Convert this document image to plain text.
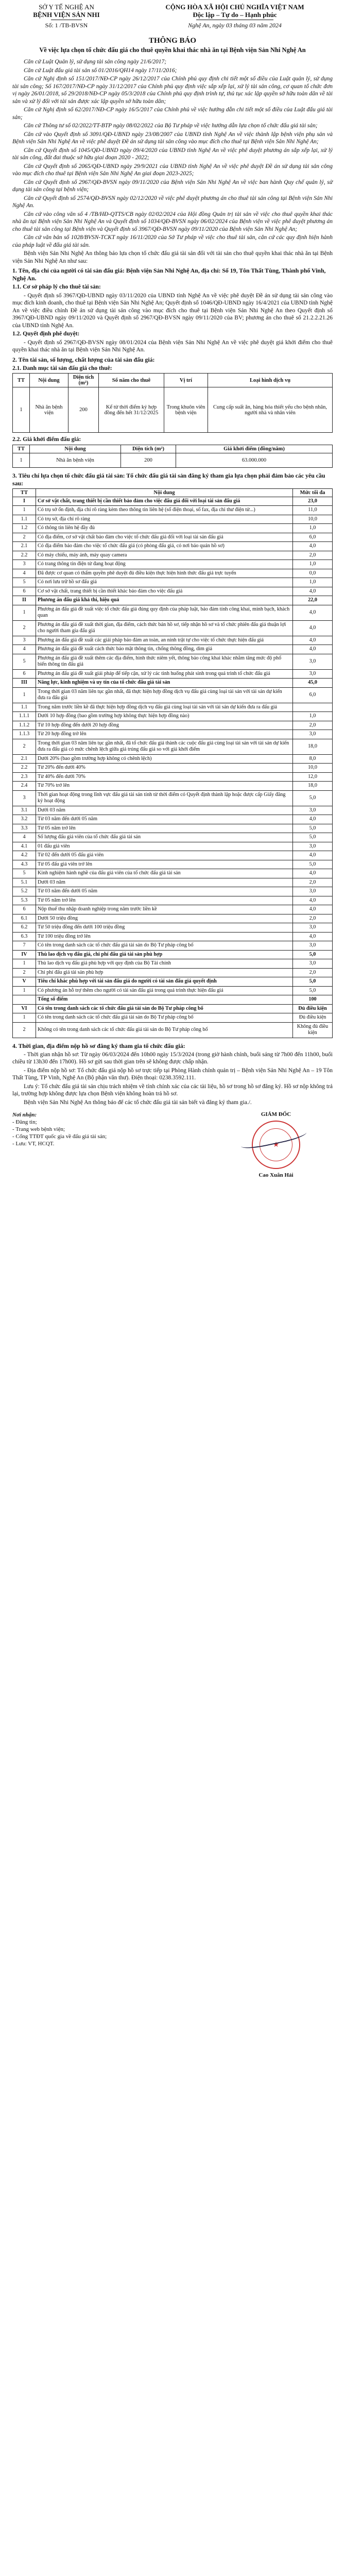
SỞ Y TẾ NGHỆ AN
BỆNH VIỆN SẢN NHI
Số: 1 /TB-BVSN
CỘNG HÒA XÃ HỘI CHỦ NGHĨA VIỆT NAM
Độc lập – Tự do – Hạnh phúc
Nghệ An, ngày 03 tháng 03 năm 2024
THÔNG BÁO
Về việc lựa chọn tổ chức đấu giá cho thuê quyền khai thác nhà ăn tại Bệnh viện Sản Nhi Nghệ An

Căn cứ Luật Quản lý, sử dụng tài sản công ngày 21/6/2017;

Căn cứ Luật đấu giá tài sản số 01/2016/QH14 ngày 17/11/2016;

Căn cứ Nghị định số 151/2017/NĐ-CP ngày 26/12/2017 của Chính phủ quy định chi tiết một số điều của Luật quản lý, sử dụng tài sản công; Số 167/2017/NĐ-CP ngày 31/12/2017 của Chính phủ quy định việc sắp xếp lại, xử lý tài sản công, cơ quan tổ chức đơn vị ngày 26/01/2018, số 29/2018/NĐ-CP ngày 05/3/2018 của Chính phủ quy định trình tự, thủ tục xác lập quyền sở hữu toàn dân về tài sản và xử lý đối với tài sản được xác lập quyền sở hữu toàn dân;

Căn cứ Nghị định số 62/2017/NĐ-CP ngày 16/5/2017 của Chính phủ về việc hướng dẫn chi tiết một số điều của Luật đấu giá tài sản;

Căn cứ Thông tư số 02/2022/TT-BTP ngày 08/02/2022 của Bộ Tư pháp về việc hướng dẫn lựa chọn tổ chức đấu giá tài sản;

Căn cứ vào Quyết định số 3091/QĐ-UBND ngày 23/08/2007 của UBND tỉnh Nghệ An về việc thành lập bệnh viện phụ sản và Bệnh viện Sản Nhi Nghệ An về việc phê duyệt Đề án sử dụng tài sản công vào mục đích cho thuê tại Bệnh viện Sản Nhi Nghệ An;

Căn cứ Quyết định số 1045/QĐ-UBND ngày 09/4/2020 của UBND tỉnh Nghệ An về việc phê duyệt phương án sắp xếp lại, xử lý tài sản công, đất đai thuộc sở hữu giai đoạn 2020 - 2022;

Căn cứ Quyết định số 2065/QĐ-UBND ngày 29/9/2021 của UBND tỉnh Nghệ An về việc phê duyệt Đề án sử dụng tài sản công vào mục đích cho thuê tại Bệnh viện Sản Nhi Nghệ An giai đoạn 2023-2025;

Căn cứ Quyết định số 2967/QĐ-BVSN ngày 09/11/2020 của Bệnh viện Sản Nhi Nghệ An về việc ban hành Quy chế quản lý, sử dụng tài sản công tại bệnh viện;

Căn cứ Quyết định số 2574/QĐ-BVSN ngày 02/12/2020 về việc phê duyệt phương án cho thuê tài sản công tại Bệnh viện Sản Nhi Nghệ An.

Căn cứ vào công văn số 4 /TB/HĐ-QTTS/CB ngày 02/02/2024 của Hội đồng Quản trị tài sản về việc cho thuê quyền khai thác nhà ăn tại Bệnh viện Sản Nhi Nghệ An và Quyết định số 1034/QĐ-BVSN ngày 06/02/2024 của Bệnh viện về việc phê duyệt phương án cho thuê tài sản công tại Bệnh viện và Quyết định số 3967/QĐ-BVSN ngày 09/11/2020 của Bệnh viện Sản Nhi Nghệ An;

Căn cứ văn bản số 1028/BVSN-TCKT ngày 16/11/2020 của Sở Tư pháp về việc cho thuê tài sản, căn cứ các quy định hiện hành của pháp luật về đấu giá tài sản.

Bệnh viện Sản Nhi Nghệ An thông báo lựa chọn tổ chức đấu giá tài sản đối với tài sản cho thuê quyền khai thác nhà ăn tại Bệnh viện Sản Nhi Nghệ An như sau:

1. Tên, địa chỉ của người có tài sản đấu giá: Bệnh viện Sản Nhi Nghệ An, địa chỉ: Số 19, Tôn Thất Tùng, Thành phố Vinh, Nghệ An.
1.1. Cơ sở pháp lý cho thuê tài sản:

- Quyết định số 3967/QĐ-UBND ngày 03/11/2020 của UBND tỉnh Nghệ An về việc phê duyệt Đề án sử dụng tài sản công vào mục đích kinh doanh, cho thuê tại Bệnh viện Sản Nhi Nghệ An; Quyết định số 1046/QĐ-UBND ngày 16/4/2021 của UBND tỉnh Nghệ An về việc điều chỉnh Đề án sử dụng tài sản công vào mục đích cho thuê tại Bệnh viện Sản Nhi Nghệ An theo Quyết định số 3967/QĐ-UBND ngày 09/11/2020 và Quyết định số 2967/QĐ-BVSN ngày 09/11/2020 của BV; phương án cho thuê số 21.2.2.21.26 của UBND tỉnh Nghệ An.

1.2. Quyết định phê duyệt:

- Quyết định số 2967/QĐ-BVSN ngày 08/01/2024 của Bệnh viện Sản Nhi Nghệ An về việc phê duyệt giá khởi điểm cho thuê quyền khai thác nhà ăn tại Bệnh viện Sản Nhi Nghệ An.

2. Tên tài sản, số lượng, chất lượng của tài sản đấu giá:
2.1. Danh mục tài sản đấu giá cho thuê:
TT	Nội dung	Diện tích (m²)	Số năm cho thuê	Vị trí	Loại hình dịch vụ
1	Nhà ăn bệnh viện	200	Kể từ thời điểm ký hợp đồng đến hết 31/12/2025	Trong khuôn viên bệnh viện	Cung cấp suất ăn, hàng hóa thiết yếu cho bệnh nhân, người nhà và nhân viên
2.2. Giá khởi điểm đấu giá:
TT	Nội dung	Diện tích (m²)	Giá khởi điểm (đồng/năm)
1	Nhà ăn bệnh viện	200	63.000.000
3. Tiêu chí lựa chọn tổ chức đấu giá tài sản: Tổ chức đấu giá tài sản đăng ký tham gia lựa chọn phải đảm bảo các yêu cầu sau:
TT	Nội dung	Mức tối đa
I	Cơ sở vật chất, trang thiết bị cần thiết bảo đảm cho việc đấu giá đối với loại tài sản đấu giá	23,0
1	Có trụ sở ổn định, địa chỉ rõ ràng kèm theo thông tin liên hệ (số điện thoại, số fax, địa chỉ thư điện tử...)	11,0
1.1	Có trụ sở, địa chỉ rõ ràng	10,0
1.2	Có thông tin liên hệ đầy đủ	1,0
2	Có địa điểm, cơ sở vật chất bảo đảm cho việc tổ chức đấu giá đối với loại tài sản đấu giá	6,0
2.1	Có địa điểm bảo đảm cho việc tổ chức đấu giá (có phòng đấu giá, có nơi bảo quản hồ sơ)	4,0
2.2	Có máy chiếu, máy ảnh, máy quay camera	2,0
3	Có trang thông tin điện tử đang hoạt động	1,0
4	Đã được cơ quan có thẩm quyền phê duyệt đủ điều kiện thực hiện hình thức đấu giá trực tuyến	0,0
5	Có nơi lưu trữ hồ sơ đấu giá	1,0
6	Cơ sở vật chất, trang thiết bị cần thiết khác bảo đảm cho việc đấu giá	4,0
II	Phương án đấu giá khả thi, hiệu quả	22,0
1	Phương án đấu giá đề xuất việc tổ chức đấu giá đúng quy định của pháp luật, bảo đảm tính công khai, minh bạch, khách quan	4,0
2	Phương án đấu giá đề xuất thời gian, địa điểm, cách thức bán hồ sơ, tiếp nhận hồ sơ và tổ chức phiên đấu giá thuận lợi cho người tham gia đấu giá	4,0
3	Phương án đấu giá đề xuất các giải pháp bảo đảm an toàn, an ninh trật tự cho việc tổ chức thực hiện đấu giá	4,0
4	Phương án đấu giá đề xuất cách thức bảo mật thông tin, chống thông đồng, dìm giá	4,0
5	Phương án đấu giá đề xuất thêm các địa điểm, hình thức niêm yết, thông báo công khai khác nhằm tăng mức độ phổ biến thông tin đấu giá	3,0
6	Phương án đấu giá đề xuất giải pháp để tiếp cận, xử lý các tình huống phát sinh trong quá trình tổ chức đấu giá	3,0
III	Năng lực, kinh nghiệm và uy tín của tổ chức đấu giá tài sản	45,0
1	Trong thời gian 03 năm liên tục gần nhất, đã thực hiện hợp đồng dịch vụ đấu giá cùng loại tài sản với tài sản dự kiến đưa ra đấu giá	6,0
1.1	Trong năm trước liền kề đã thực hiện hợp đồng dịch vụ đấu giá cùng loại tài sản với tài sản dự kiến đưa ra đấu giá	
1.1.1	Dưới 10 hợp đồng (bao gồm trường hợp không thực hiện hợp đồng nào)	1,0
1.1.2	Từ 10 hợp đồng đến dưới 20 hợp đồng	2,0
1.1.3	Từ 20 hợp đồng trở lên	3,0
2	Trong thời gian 03 năm liên tục gần nhất, đã tổ chức đấu giá thành các cuộc đấu giá cùng loại tài sản với tài sản dự kiến đưa ra đấu giá có mức chênh lệch giữa giá trúng đấu giá so với giá khởi điểm	18,0
2.1	Dưới 20% (bao gồm trường hợp không có chênh lệch)	8,0
2.2	Từ 20% đến dưới 40%	10,0
2.3	Từ 40% đến dưới 70%	12,0
2.4	Từ 70% trở lên	18,0
3	Thời gian hoạt động trong lĩnh vực đấu giá tài sản tính từ thời điểm có Quyết định thành lập hoặc được cấp Giấy đăng ký hoạt động	5,0
3.1	Dưới 03 năm	3,0
3.2	Từ 03 năm đến dưới 05 năm	4,0
3.3	Từ 05 năm trở lên	5,0
4	Số lượng đấu giá viên của tổ chức đấu giá tài sản	5,0
4.1	01 đấu giá viên	3,0
4.2	Từ 02 đến dưới 05 đấu giá viên	4,0
4.3	Từ 05 đấu giá viên trở lên	5,0
5	Kinh nghiệm hành nghề của đấu giá viên của tổ chức đấu giá tài sản	4,0
5.1	Dưới 03 năm	2,0
5.2	Từ 03 năm đến dưới 05 năm	3,0
5.3	Từ 05 năm trở lên	4,0
6	Nộp thuế thu nhập doanh nghiệp trong năm trước liền kề	4,0
6.1	Dưới 50 triệu đồng	2,0
6.2	Từ 50 triệu đồng đến dưới 100 triệu đồng	3,0
6.3	Từ 100 triệu đồng trở lên	4,0
7	Có tên trong danh sách các tổ chức đấu giá tài sản do Bộ Tư pháp công bố	3,0
IV	Thù lao dịch vụ đấu giá, chi phí đấu giá tài sản phù hợp	5,0
1	Thù lao dịch vụ đấu giá phù hợp với quy định của Bộ Tài chính	3,0
2	Chi phí đấu giá tài sản phù hợp	2,0
V	Tiêu chí khác phù hợp với tài sản đấu giá do người có tài sản đấu giá quyết định	5,0
1	Có phương án hỗ trợ thêm cho người có tài sản đấu giá trong quá trình thực hiện đấu giá	5,0
	Tổng số điểm	100
VI	Có tên trong danh sách các tổ chức đấu giá tài sản do Bộ Tư pháp công bố	Đủ điều kiện
1	Có tên trong danh sách các tổ chức đấu giá tài sản do Bộ Tư pháp công bố	Đủ điều kiện
2	Không có tên trong danh sách các tổ chức đấu giá tài sản do Bộ Tư pháp công bố	Không đủ điều kiện
4. Thời gian, địa điểm nộp hồ sơ đăng ký tham gia tổ chức đấu giá:

- Thời gian nhận hồ sơ: Từ ngày 06/03/2024 đến 10h00 ngày 15/3/2024 (trong giờ hành chính, buổi sáng từ 7h00 đến 11h00, buổi chiều từ 13h30 đến 17h00). Hồ sơ gửi sau thời gian trên sẽ không được chấp nhận.

- Địa điểm nộp hồ sơ: Tổ chức đấu giá nộp hồ sơ trực tiếp tại Phòng Hành chính quản trị – Bệnh viện Sản Nhi Nghệ An – 19 Tôn Thất Tùng, TP Vinh, Nghệ An (Bộ phận văn thư). Điện thoại: 0238.3592.111.

Lưu ý: Tổ chức đấu giá tài sản chịu trách nhiệm về tính chính xác của các tài liệu, hồ sơ trong hồ sơ đăng ký. Hồ sơ nộp không trả lại, trường hợp không được lựa chọn Bệnh viện không hoàn trả hồ sơ.

Bệnh viện Sản Nhi Nghệ An thông báo để các tổ chức đấu giá tài sản biết và đăng ký tham gia./.

Nơi nhận:
- Đăng tin;
- Trang web bệnh viện;
- Cổng TTĐT quốc gia về đấu giá tài sản;
- Lưu: VT, HCQT.
GIÁM ĐỐC
★
Cao Xuân Hải
